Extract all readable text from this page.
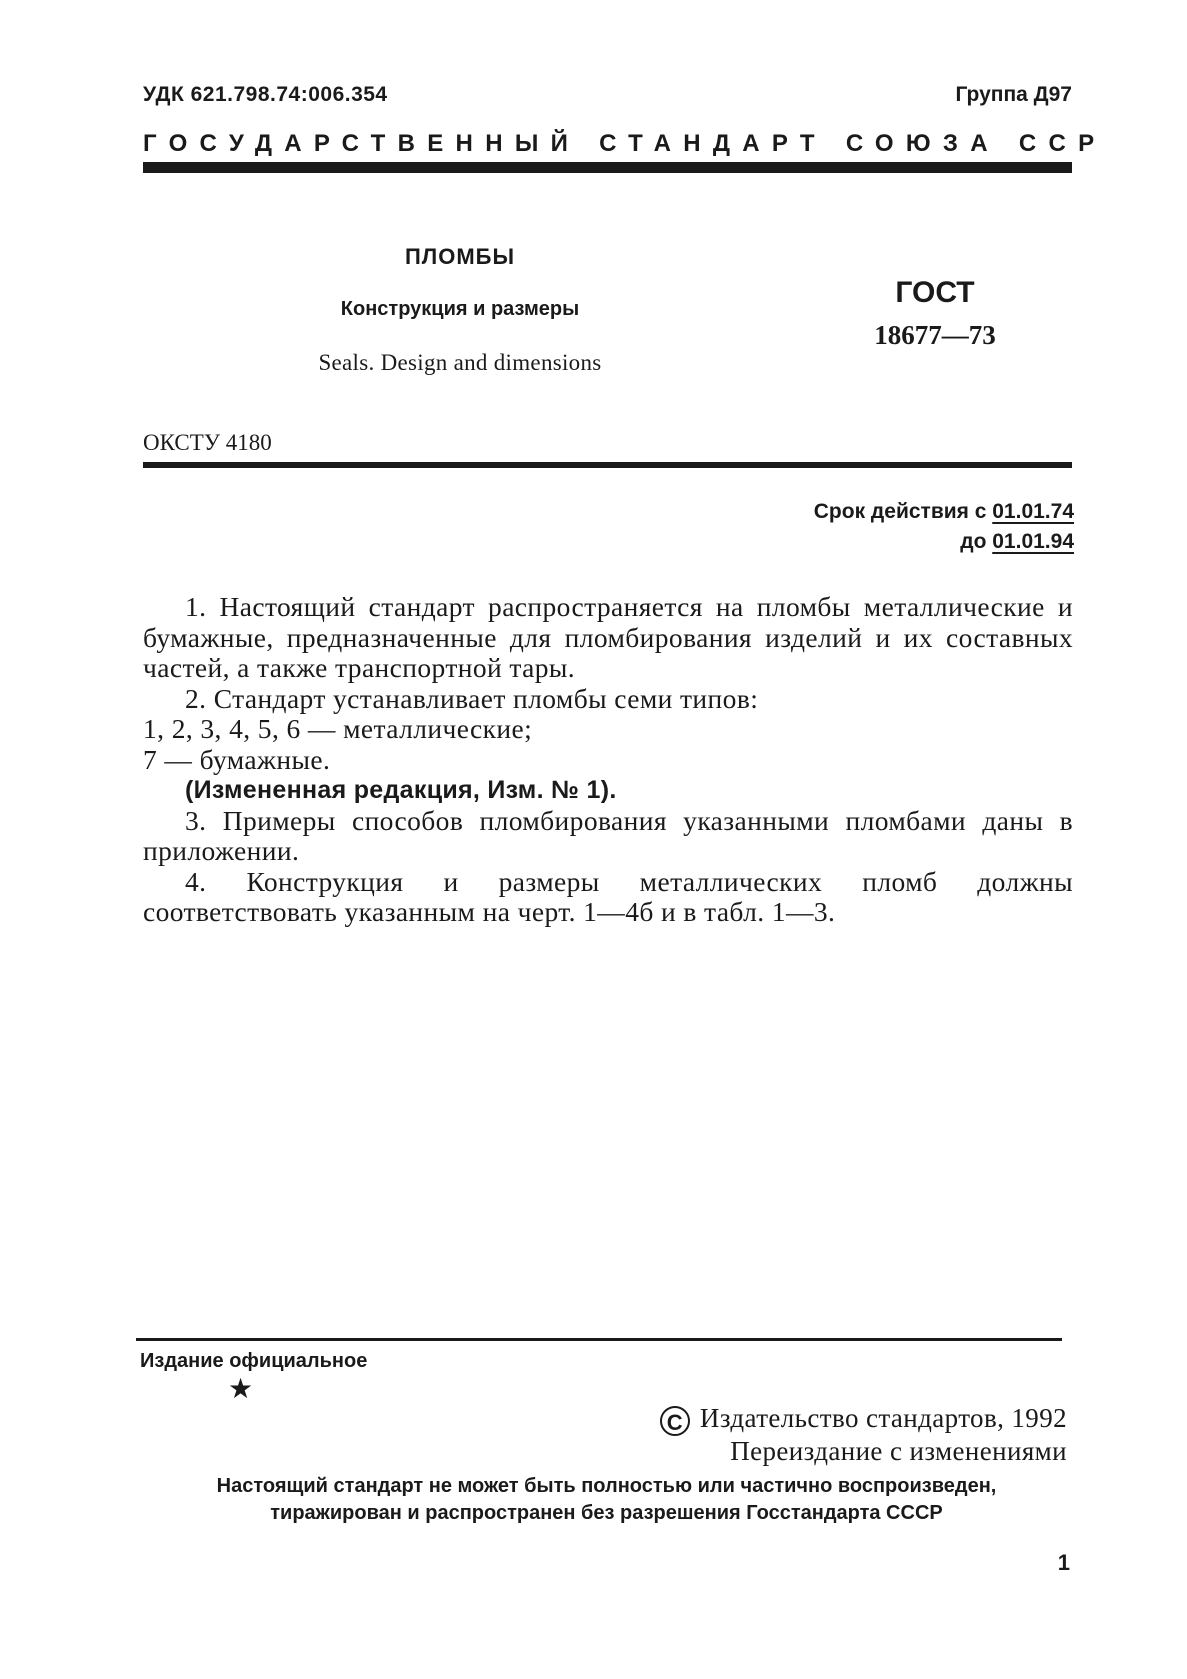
УДК 621.798.74:006.354	Группа Д97
ГОСУДАРСТВЕННЫЙ СТАНДАРТ СОЮЗА ССР
ПЛОМБЫ
Конструкция и размеры
Seals. Design and dimensions
ГОСТ
18677—73
ОКСТУ 4180
Срок действия с 01.01.74
до 01.01.94

1. Настоящий стандарт распространяется на пломбы металлические и бумажные, предназначенные для пломбирования изделий и их составных частей, а также транспортной тары.

2. Стандарт устанавливает пломбы семи типов:

1, 2, 3, 4, 5, 6 — металлические;

7 — бумажные.

(Измененная редакция, Изм. № 1).

3. Примеры способов пломбирования указанными пломбами даны в приложении.

4. Конструкция и размеры металлических пломб должны соответствовать указанным на черт. 1—4б и в табл. 1—3.

Издание официальное
★
С Издательство стандартов, 1992
Переиздание с изменениями
Настоящий стандарт не может быть полностью или частично воспроизведен,
тиражирован и распространен без разрешения Госстандарта СССР
1
